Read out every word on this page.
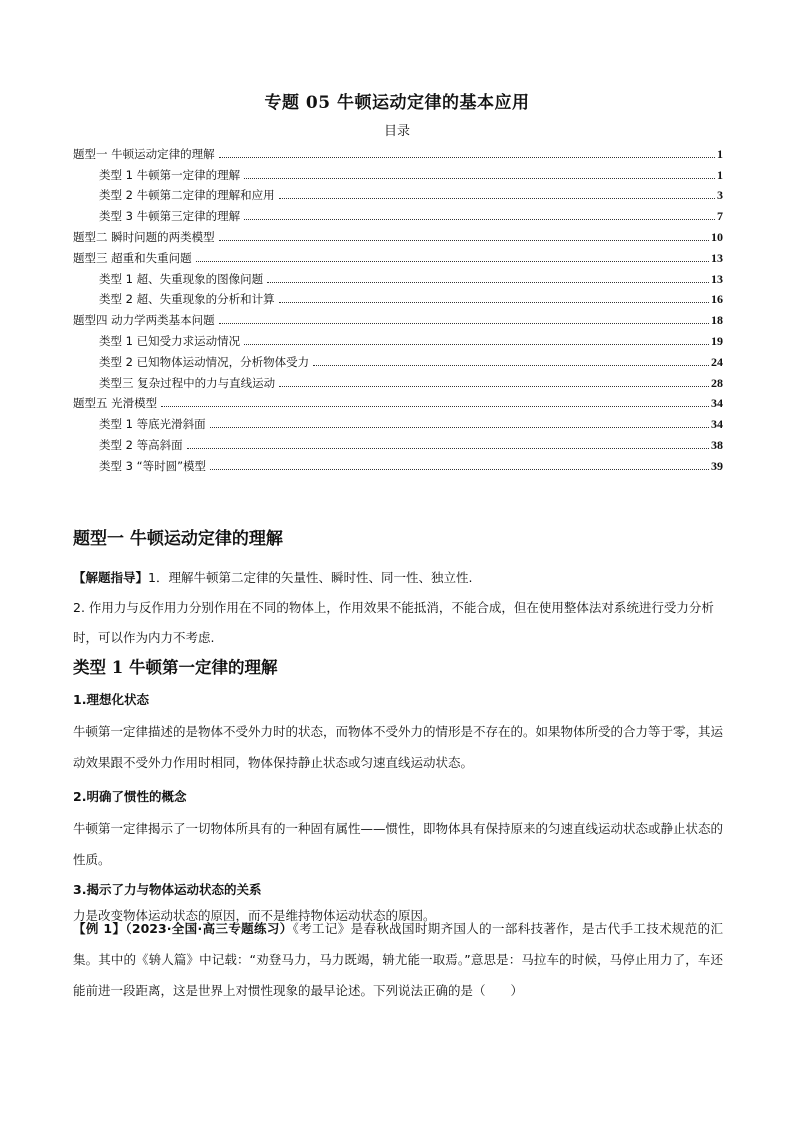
专题 05 牛顿运动定律的基本应用
目录
题型一 牛顿运动定律的理解	1
类型 1 牛顿第一定律的理解	1
类型 2 牛顿第二定律的理解和应用	3
类型 3 牛顿第三定律的理解	7
题型二 瞬时问题的两类模型	10
题型三 超重和失重问题	13
类型 1 超、失重现象的图像问题	13
类型 2 超、失重现象的分析和计算	16
题型四 动力学两类基本问题	18
类型 1 已知受力求运动情况	19
类型 2 已知物体运动情况，分析物体受力	24
类型三 复杂过程中的力与直线运动	28
题型五 光滑模型	34
类型 1 等底光滑斜面	34
类型 2 等高斜面	38
类型 3 “等时圆”模型	39
题型一 牛顿运动定律的理解
【解题指导】1．理解牛顿第二定律的矢量性、瞬时性、同一性、独立性.
2. 作用力与反作用力分别作用在不同的物体上，作用效果不能抵消，不能合成，但在使用整体法对系统进行受力分析时，可以作为内力不考虑.
类型 1 牛顿第一定律的理解
1.理想化状态
牛顿第一定律描述的是物体不受外力时的状态，而物体不受外力的情形是不存在的。如果物体所受的合力等于零，其运动效果跟不受外力作用时相同，物体保持静止状态或匀速直线运动状态。
2.明确了惯性的概念
牛顿第一定律揭示了一切物体所具有的一种固有属性——惯性，即物体具有保持原来的匀速直线运动状态或静止状态的性质。
3.揭示了力与物体运动状态的关系
力是改变物体运动状态的原因，而不是维持物体运动状态的原因。
【例 1】（2023·全国·高三专题练习）《考工记》是春秋战国时期齐国人的一部科技著作，是古代手工技术规范的汇集。其中的《辀人篇》中记载：“劝登马力，马力既竭，辀尤能一取焉。”意思是：马拉车的时候，马停止用力了，车还能前进一段距离，这是世界上对惯性现象的最早论述。下列说法正确的是（　　）
